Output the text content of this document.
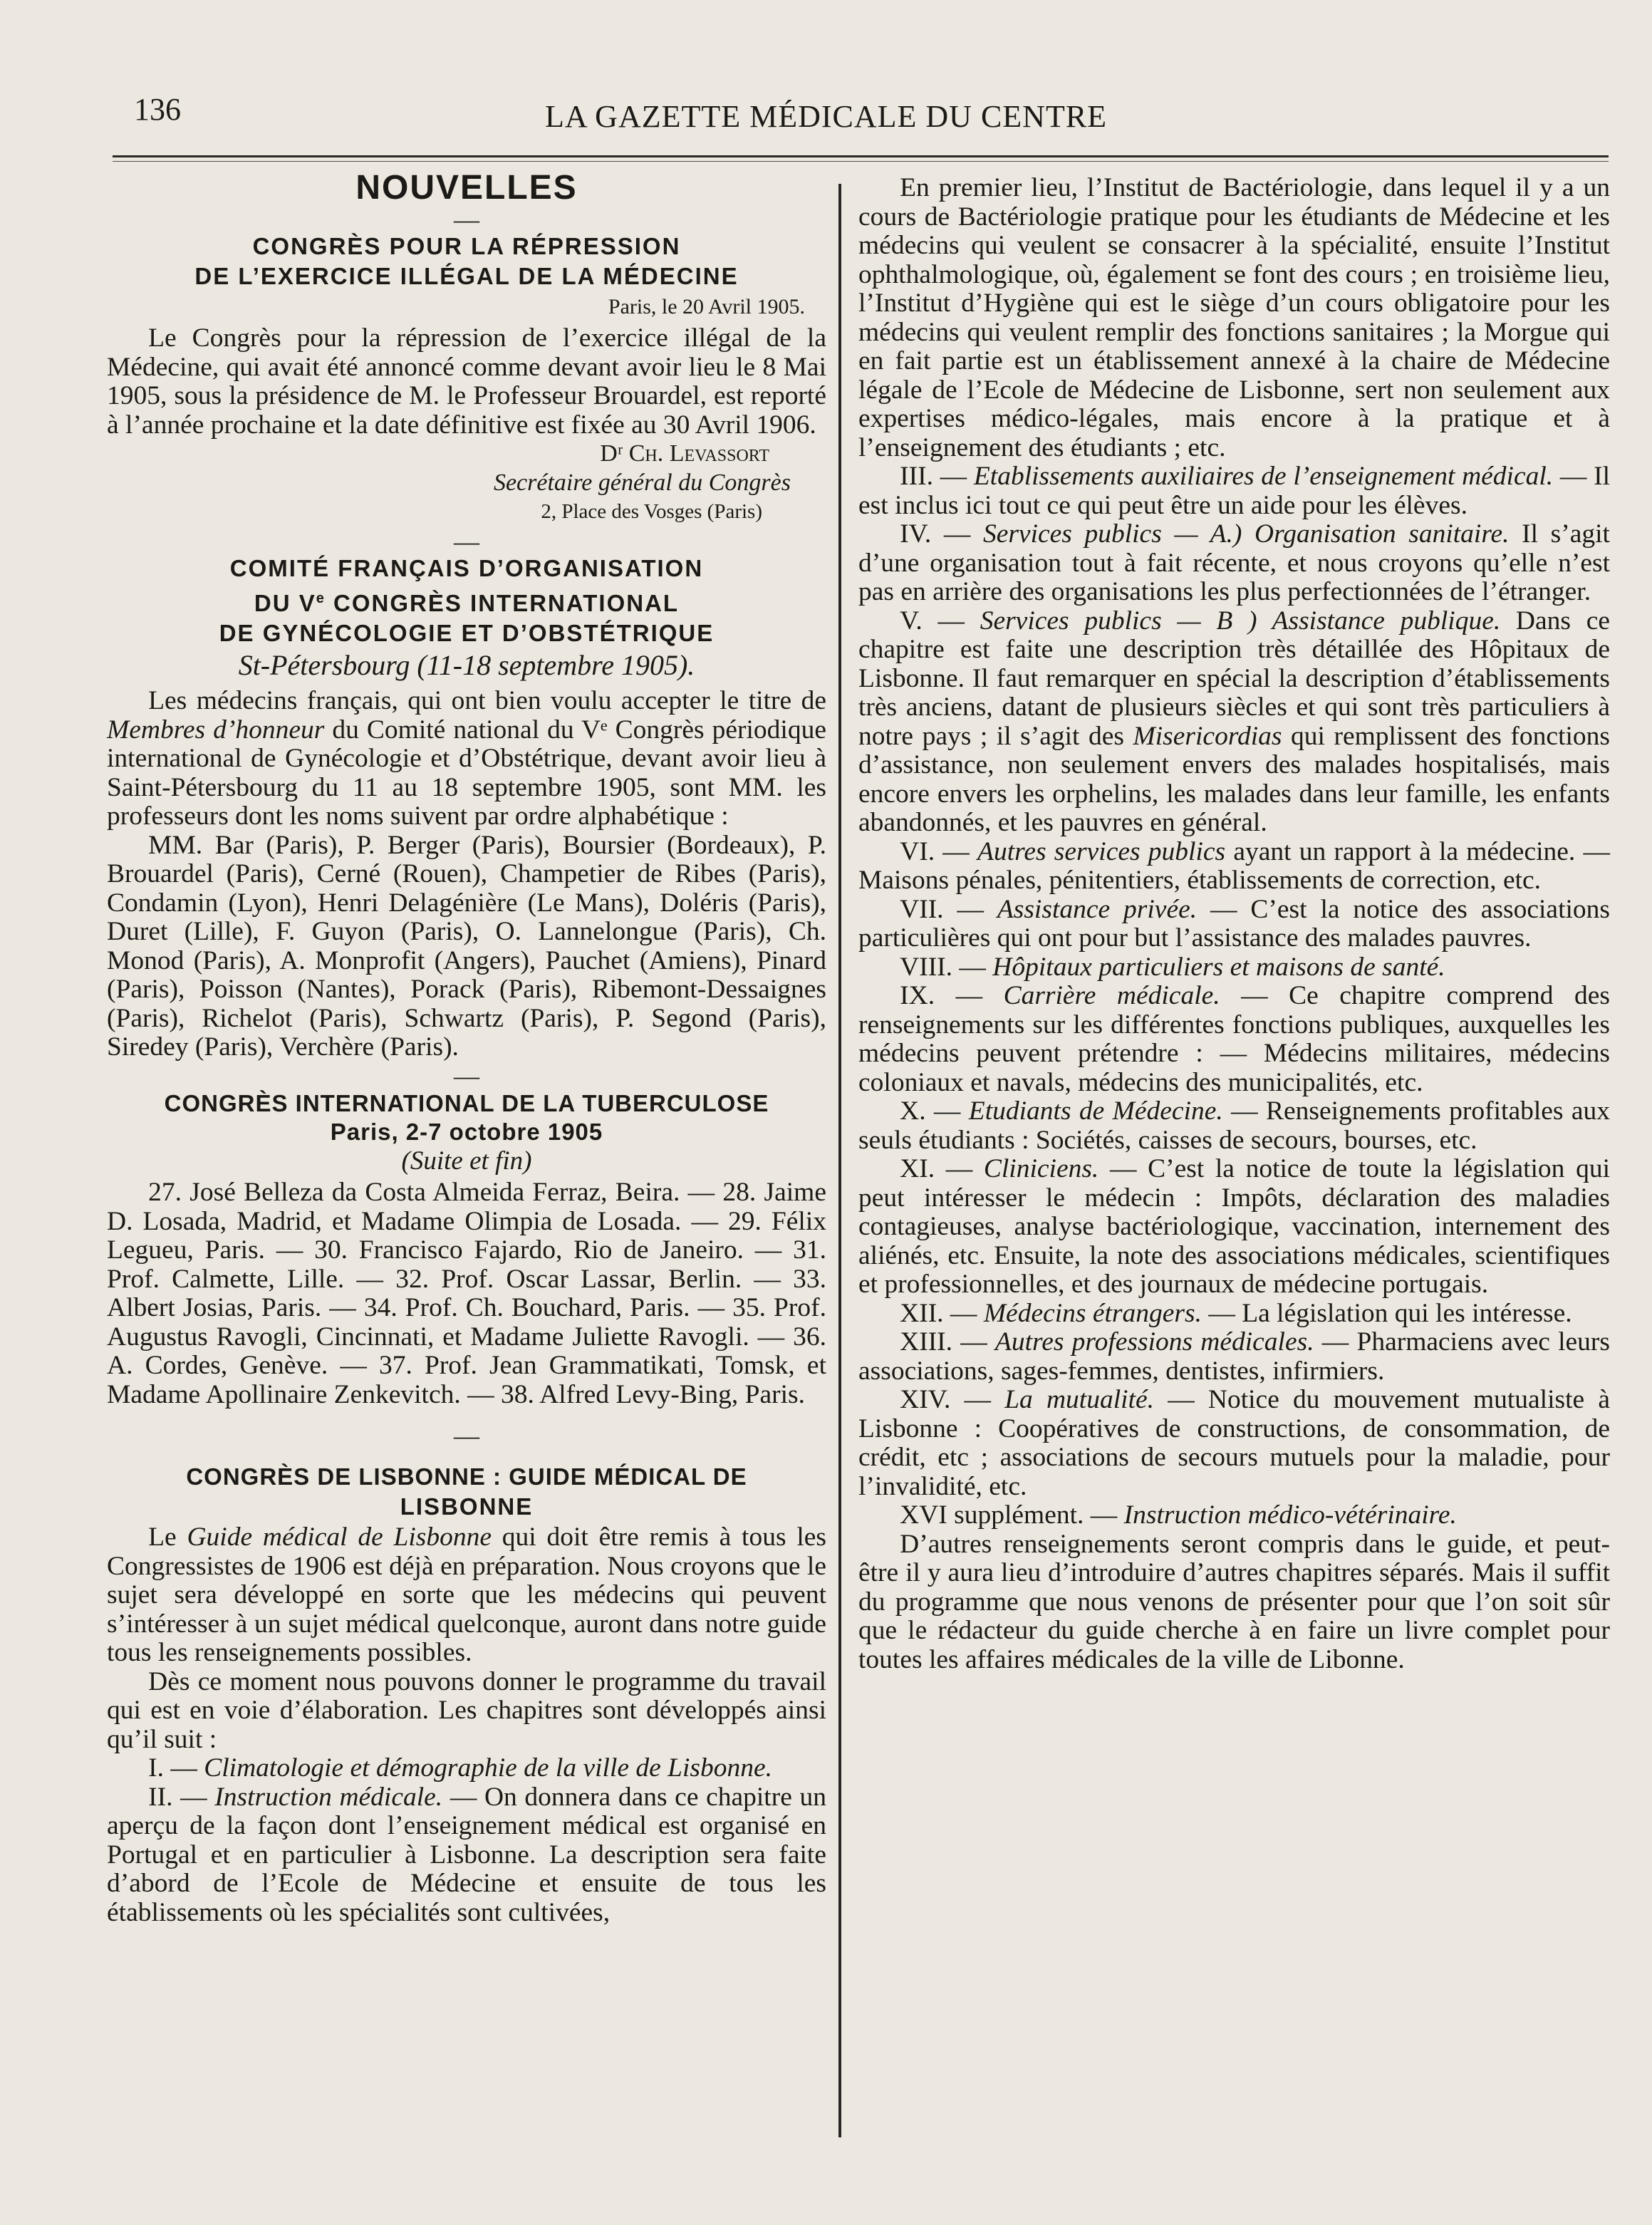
136	LA GAZETTE MÉDICALE DU CENTRE
NOUVELLES
—
CONGRÈS POUR LA RÉPRESSION
DE L’EXERCICE ILLÉGAL DE LA MÉDECINE
Paris, le 20 Avril 1905.

Le Congrès pour la répression de l’exercice illégal de la Médecine, qui avait été annoncé comme devant avoir lieu le 8 Mai 1905, sous la présidence de M. le Professeur Brouardel, est reporté à l’année prochaine et la date définitive est fixée au 30 Avril 1906.

Dʳ Ch. Levassort
Secrétaire général du Congrès
2, Place des Vosges (Paris)
—
COMITÉ FRANÇAIS D’ORGANISATION
DU Ve CONGRÈS INTERNATIONAL
DE GYNÉCOLOGIE ET D’OBSTÉTRIQUE
St-Pétersbourg (11-18 septembre 1905).

Les médecins français, qui ont bien voulu accepter le titre de Membres d’honneur du Comité national du Vᵉ Congrès périodique international de Gynécologie et d’Obstétrique, devant avoir lieu à Saint-Pétersbourg du 11 au 18 septembre 1905, sont MM. les professeurs dont les noms suivent par ordre alphabétique :

MM. Bar (Paris), P. Berger (Paris), Boursier (Bordeaux), P. Brouardel (Paris), Cerné (Rouen), Champetier de Ribes (Paris), Condamin (Lyon), Henri Delagénière (Le Mans), Doléris (Paris), Duret (Lille), F. Guyon (Paris), O. Lannelongue (Paris), Ch. Monod (Paris), A. Monprofit (Angers), Pauchet (Amiens), Pinard (Paris), Poisson (Nantes), Porack (Paris), Ribemont-Dessaignes (Paris), Richelot (Paris), Schwartz (Paris), P. Segond (Paris), Siredey (Paris), Verchère (Paris).

—
CONGRÈS INTERNATIONAL DE LA TUBERCULOSE
Paris, 2-7 octobre 1905
(Suite et fin)

27. José Belleza da Costa Almeida Ferraz, Beira. — 28. Jaime D. Losada, Madrid, et Madame Olimpia de Losada. — 29. Félix Legueu, Paris. — 30. Francisco Fajardo, Rio de Janeiro. — 31. Prof. Calmette, Lille. — 32. Prof. Oscar Lassar, Berlin. — 33. Albert Josias, Paris. — 34. Prof. Ch. Bouchard, Paris. — 35. Prof. Augustus Ravogli, Cincinnati, et Madame Juliette Ravogli. — 36. A. Cordes, Genève. — 37. Prof. Jean Grammatikati, Tomsk, et Madame Apollinaire Zenkevitch. — 38. Alfred Levy-Bing, Paris.

—
CONGRÈS DE LISBONNE : GUIDE MÉDICAL DE
LISBONNE

Le Guide médical de Lisbonne qui doit être remis à tous les Congressistes de 1906 est déjà en préparation. Nous croyons que le sujet sera développé en sorte que les médecins qui peuvent s’intéresser à un sujet médical quelconque, auront dans notre guide tous les renseignements possibles.

Dès ce moment nous pouvons donner le programme du travail qui est en voie d’élaboration. Les chapitres sont développés ainsi qu’il suit :

I. — Climatologie et démographie de la ville de Lisbonne.

II. — Instruction médicale. — On donnera dans ce chapitre un aperçu de la façon dont l’enseignement médical est organisé en Portugal et en particulier à Lisbonne. La description sera faite d’abord de l’Ecole de Médecine et ensuite de tous les établissements où les spécialités sont cultivées,

En premier lieu, l’Institut de Bactériologie, dans lequel il y a un cours de Bactériologie pratique pour les étudiants de Médecine et les médecins qui veulent se consacrer à la spécialité, ensuite l’Institut ophthalmologique, où, également se font des cours ; en troisième lieu, l’Institut d’Hygiène qui est le siège d’un cours obligatoire pour les médecins qui veulent remplir des fonctions sanitaires ; la Morgue qui en fait partie est un établissement annexé à la chaire de Médecine légale de l’Ecole de Médecine de Lisbonne, sert non seulement aux expertises médico-légales, mais encore à la pratique et à l’enseignement des étudiants ; etc.

III. — Etablissements auxiliaires de l’enseignement médical. — Il est inclus ici tout ce qui peut être un aide pour les élèves.

IV. — Services publics — A.) Organisation sanitaire. Il s’agit d’une organisation tout à fait récente, et nous croyons qu’elle n’est pas en arrière des organisations les plus perfectionnées de l’étranger.

V. — Services publics — B ) Assistance publique. Dans ce chapitre est faite une description très détaillée des Hôpitaux de Lisbonne. Il faut remarquer en spécial la description d’établissements très anciens, datant de plusieurs siècles et qui sont très particuliers à notre pays ; il s’agit des Misericordias qui remplissent des fonctions d’assistance, non seulement envers des malades hospitalisés, mais encore envers les orphelins, les malades dans leur famille, les enfants abandonnés, et les pauvres en général.

VI. — Autres services publics ayant un rapport à la médecine. — Maisons pénales, pénitentiers, établissements de correction, etc.

VII. — Assistance privée. — C’est la notice des associations particulières qui ont pour but l’assistance des malades pauvres.

VIII. — Hôpitaux particuliers et maisons de santé.

IX. — Carrière médicale. — Ce chapitre comprend des renseignements sur les différentes fonctions publiques, auxquelles les médecins peuvent prétendre : — Médecins militaires, médecins coloniaux et navals, médecins des municipalités, etc.

X. — Etudiants de Médecine. — Renseignements profitables aux seuls étudiants : Sociétés, caisses de secours, bourses, etc.

XI. — Cliniciens. — C’est la notice de toute la législation qui peut intéresser le médecin : Impôts, déclaration des maladies contagieuses, analyse bactériologique, vaccination, internement des aliénés, etc. Ensuite, la note des associations médicales, scientifiques et professionnelles, et des journaux de médecine portugais.

XII. — Médecins étrangers. — La législation qui les intéresse.

XIII. — Autres professions médicales. — Pharmaciens avec leurs associations, sages-femmes, dentistes, infirmiers.

XIV. — La mutualité. — Notice du mouvement mutualiste à Lisbonne : Coopératives de constructions, de consommation, de crédit, etc ; associations de secours mutuels pour la maladie, pour l’invalidité, etc.

XVI supplément. — Instruction médico-vétérinaire.

D’autres renseignements seront compris dans le guide, et peut-être il y aura lieu d’introduire d’autres chapitres séparés. Mais il suffit du programme que nous venons de présenter pour que l’on soit sûr que le rédacteur du guide cherche à en faire un livre complet pour toutes les affaires médicales de la ville de Libonne.
